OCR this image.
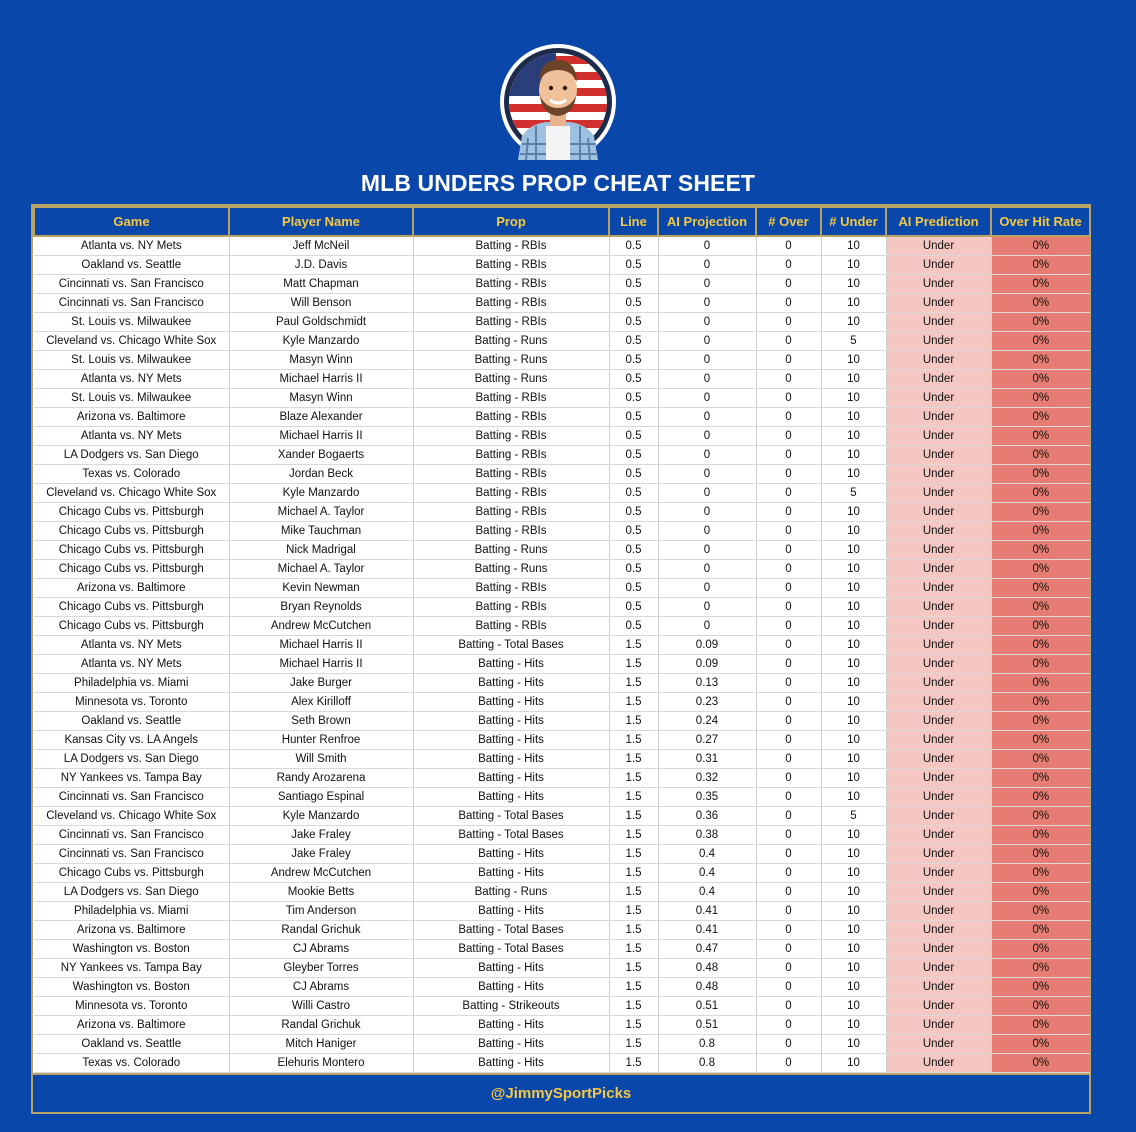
MLB UNDERS PROP CHEAT SHEET
Game	Player Name	Prop	Line	AI Projection	# Over	# Under	AI Prediction	Over Hit Rate
Atlanta vs. NY Mets	Jeff McNeil	Batting - RBIs	0.5	0	0	10	Under	0%
Oakland vs. Seattle	J.D. Davis	Batting - RBIs	0.5	0	0	10	Under	0%
Cincinnati vs. San Francisco	Matt Chapman	Batting - RBIs	0.5	0	0	10	Under	0%
Cincinnati vs. San Francisco	Will Benson	Batting - RBIs	0.5	0	0	10	Under	0%
St. Louis vs. Milwaukee	Paul Goldschmidt	Batting - RBIs	0.5	0	0	10	Under	0%
Cleveland vs. Chicago White Sox	Kyle Manzardo	Batting - Runs	0.5	0	0	5	Under	0%
St. Louis vs. Milwaukee	Masyn Winn	Batting - Runs	0.5	0	0	10	Under	0%
Atlanta vs. NY Mets	Michael Harris II	Batting - Runs	0.5	0	0	10	Under	0%
St. Louis vs. Milwaukee	Masyn Winn	Batting - RBIs	0.5	0	0	10	Under	0%
Arizona vs. Baltimore	Blaze Alexander	Batting - RBIs	0.5	0	0	10	Under	0%
Atlanta vs. NY Mets	Michael Harris II	Batting - RBIs	0.5	0	0	10	Under	0%
LA Dodgers vs. San Diego	Xander Bogaerts	Batting - RBIs	0.5	0	0	10	Under	0%
Texas vs. Colorado	Jordan Beck	Batting - RBIs	0.5	0	0	10	Under	0%
Cleveland vs. Chicago White Sox	Kyle Manzardo	Batting - RBIs	0.5	0	0	5	Under	0%
Chicago Cubs vs. Pittsburgh	Michael A. Taylor	Batting - RBIs	0.5	0	0	10	Under	0%
Chicago Cubs vs. Pittsburgh	Mike Tauchman	Batting - RBIs	0.5	0	0	10	Under	0%
Chicago Cubs vs. Pittsburgh	Nick Madrigal	Batting - Runs	0.5	0	0	10	Under	0%
Chicago Cubs vs. Pittsburgh	Michael A. Taylor	Batting - Runs	0.5	0	0	10	Under	0%
Arizona vs. Baltimore	Kevin Newman	Batting - RBIs	0.5	0	0	10	Under	0%
Chicago Cubs vs. Pittsburgh	Bryan Reynolds	Batting - RBIs	0.5	0	0	10	Under	0%
Chicago Cubs vs. Pittsburgh	Andrew McCutchen	Batting - RBIs	0.5	0	0	10	Under	0%
Atlanta vs. NY Mets	Michael Harris II	Batting - Total Bases	1.5	0.09	0	10	Under	0%
Atlanta vs. NY Mets	Michael Harris II	Batting - Hits	1.5	0.09	0	10	Under	0%
Philadelphia vs. Miami	Jake Burger	Batting - Hits	1.5	0.13	0	10	Under	0%
Minnesota vs. Toronto	Alex Kirilloff	Batting - Hits	1.5	0.23	0	10	Under	0%
Oakland vs. Seattle	Seth Brown	Batting - Hits	1.5	0.24	0	10	Under	0%
Kansas City vs. LA Angels	Hunter Renfroe	Batting - Hits	1.5	0.27	0	10	Under	0%
LA Dodgers vs. San Diego	Will Smith	Batting - Hits	1.5	0.31	0	10	Under	0%
NY Yankees vs. Tampa Bay	Randy Arozarena	Batting - Hits	1.5	0.32	0	10	Under	0%
Cincinnati vs. San Francisco	Santiago Espinal	Batting - Hits	1.5	0.35	0	10	Under	0%
Cleveland vs. Chicago White Sox	Kyle Manzardo	Batting - Total Bases	1.5	0.36	0	5	Under	0%
Cincinnati vs. San Francisco	Jake Fraley	Batting - Total Bases	1.5	0.38	0	10	Under	0%
Cincinnati vs. San Francisco	Jake Fraley	Batting - Hits	1.5	0.4	0	10	Under	0%
Chicago Cubs vs. Pittsburgh	Andrew McCutchen	Batting - Hits	1.5	0.4	0	10	Under	0%
LA Dodgers vs. San Diego	Mookie Betts	Batting - Runs	1.5	0.4	0	10	Under	0%
Philadelphia vs. Miami	Tim Anderson	Batting - Hits	1.5	0.41	0	10	Under	0%
Arizona vs. Baltimore	Randal Grichuk	Batting - Total Bases	1.5	0.41	0	10	Under	0%
Washington vs. Boston	CJ Abrams	Batting - Total Bases	1.5	0.47	0	10	Under	0%
NY Yankees vs. Tampa Bay	Gleyber Torres	Batting - Hits	1.5	0.48	0	10	Under	0%
Washington vs. Boston	CJ Abrams	Batting - Hits	1.5	0.48	0	10	Under	0%
Minnesota vs. Toronto	Willi Castro	Batting - Strikeouts	1.5	0.51	0	10	Under	0%
Arizona vs. Baltimore	Randal Grichuk	Batting - Hits	1.5	0.51	0	10	Under	0%
Oakland vs. Seattle	Mitch Haniger	Batting - Hits	1.5	0.8	0	10	Under	0%
Texas vs. Colorado	Elehuris Montero	Batting - Hits	1.5	0.8	0	10	Under	0%
@JimmySportPicks
